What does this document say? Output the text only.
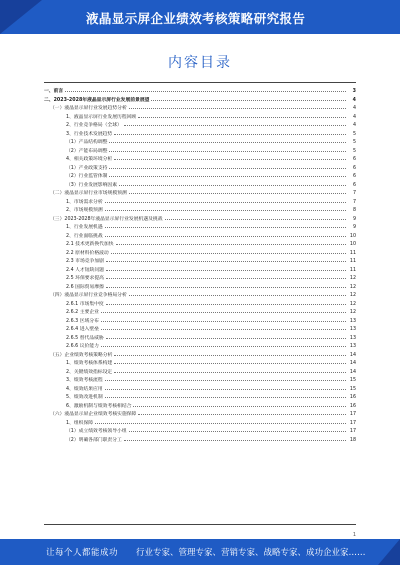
液晶显示屏企业绩效考核策略研究报告
内容目录
一、前言	3
二、2023-2028年液晶显示屏行业发展前景展望	4
（一）液晶显示屏行业发展趋势分析	4
1、液晶显示屏行业发展历程回顾	4
2、行业竞争格局（全球）	4
3、行业技术发展趋势	5
（1）产品结构调整	5
（2）产能布局调整	5
4、相关政策环境分析	6
（1）产业政策支持	6
（2）行业监管体制	6
（3）行业发展影响因素	6
（二）液晶显示屏行业市场规模预测	7
1、市场需求分析	7
2、市场规模预测	8
（三）2023-2028年液晶显示屏行业发展机遇及挑战	9
1、行业发展机遇	9
2、行业面临挑战	10
2.1 技术更新换代加快	10
2.2 原材料价格波动	11
2.3 市场竞争加剧	11
2.4 人才短缺问题	11
2.5 环保要求提高	12
2.6 国际贸易摩擦	12
（四）液晶显示屏行业竞争格局分析	12
2.6.1 市场集中度	12
2.6.2 主要企业	12
2.6.3 区域分布	13
2.6.4 进入壁垒	13
2.6.5 替代品威胁	13
2.6.6 议价能力	13
（五）企业绩效考核策略分析	14
1、绩效考核体系构建	14
2、关键绩效指标设定	14
3、绩效考核流程	15
4、绩效结果应用	15
5、绩效改进机制	16
6、激励机制与绩效考核相结合	16
（六）液晶显示屏企业绩效考核实施保障	17
1、组织保障	17
（1）成立绩效考核领导小组	17
（2）明确各部门职责分工	18
1
让每个人都能成功 行业专家、管理专家、营销专家、战略专家、成功企业家……
